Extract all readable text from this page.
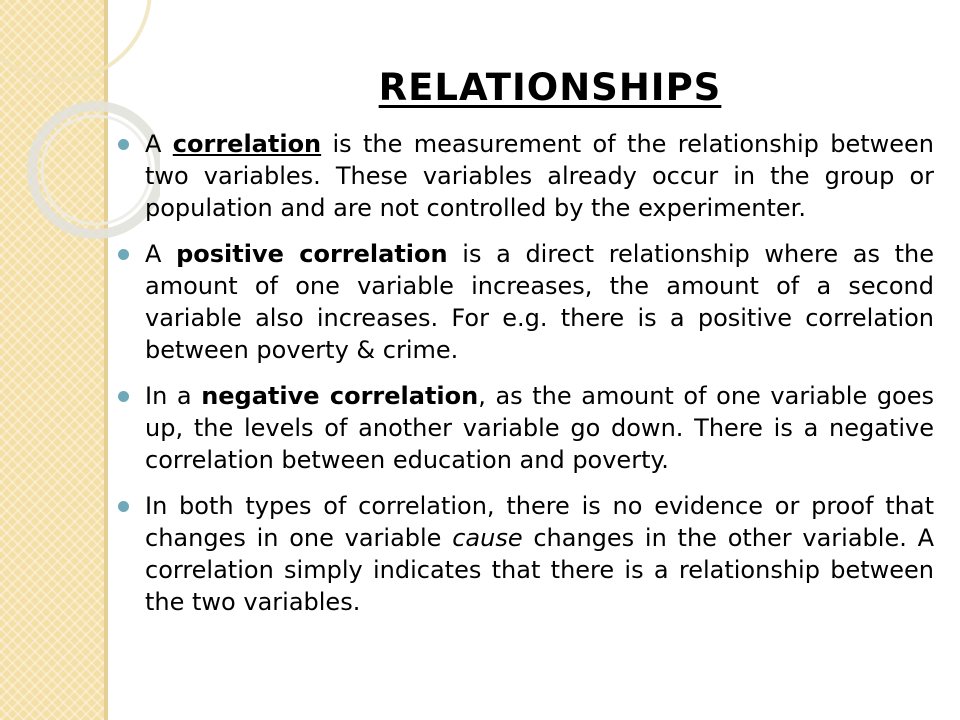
RELATIONSHIPS
A correlation is the measurement of the relationship between two variables. These variables already occur in the group or population and are not controlled by the experimenter.
A positive correlation is a direct relationship where as the amount of one variable increases, the amount of a second variable also increases. For e.g. there is a positive correlation between poverty & crime.
In a negative correlation, as the amount of one variable goes up, the levels of another variable go down. There is a negative correlation between education and poverty.
In both types of correlation, there is no evidence or proof that changes in one variable cause changes in the other variable. A correlation simply indicates that there is a relationship between the two variables.
